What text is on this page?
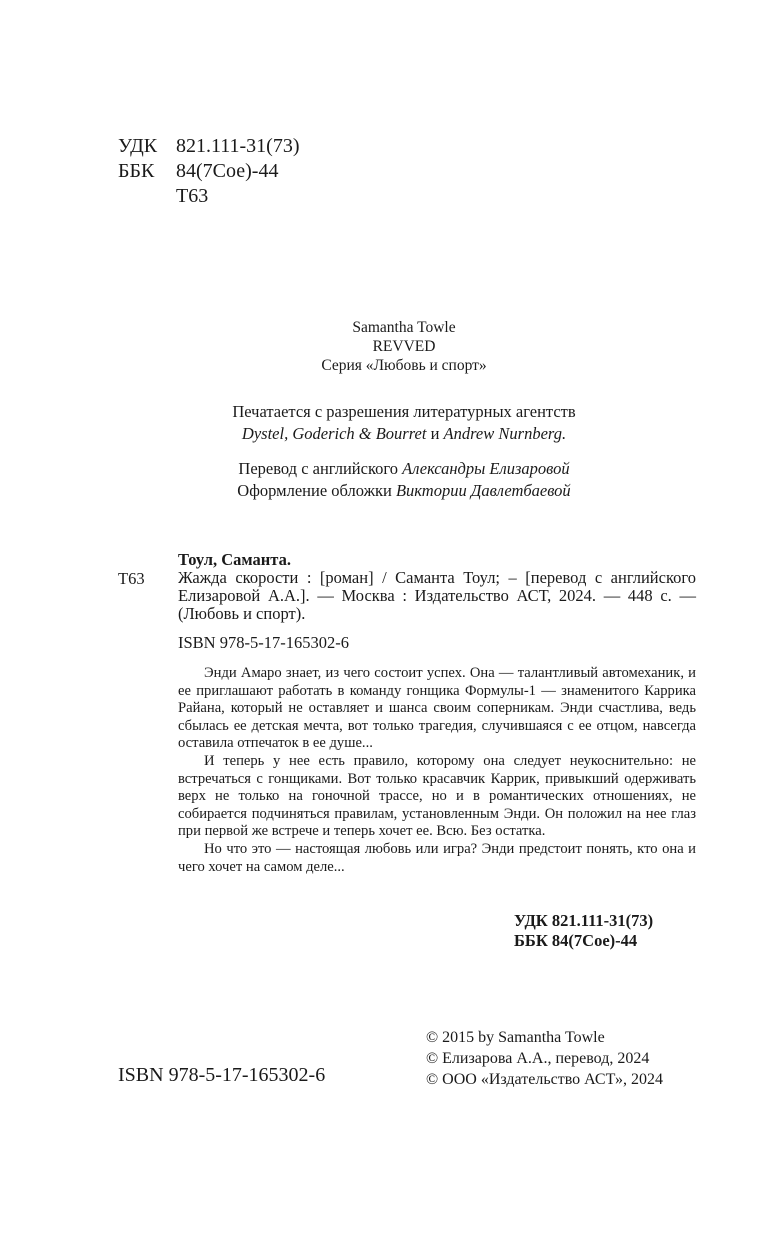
УДК 821.111-31(73)
ББК	84(7Сое)-44
Т63
Samantha Towle
REVVED
Серия «Любовь и спорт»
Печатается с разрешения литературных агентств
Dystel, Goderich & Bourret и Andrew Nurnberg.
Перевод с английского Александры Елизаровой
Оформление обложки Виктории Давлетбаевой
Т63
Тоул, Саманта.
Жажда скорости : [роман] / Саманта Тоул; – [перевод с английского Елизаровой А.А.]. — Москва : Издательство АСТ, 2024. — 448 с. — (Любовь и спорт).
ISBN 978-5-17-165302-6

Энди Амаро знает, из чего состоит успех. Она — талантливый автомеханик, и ее приглашают работать в команду гонщика Формулы-1 — знаменитого Каррика Райана, который не оставляет и шанса своим соперникам. Энди счастлива, ведь сбылась ее детская мечта, вот только трагедия, случившаяся с ее отцом, навсегда оставила отпечаток в ее душе...

И теперь у нее есть правило, которому она следует неукоснительно: не встречаться с гонщиками. Вот только красавчик Каррик, привыкший одерживать верх не только на гоночной трассе, но и в романтических отношениях, не собирается подчиняться правилам, установленным Энди. Он положил на нее глаз при первой же встрече и теперь хочет ее. Всю. Без остатка.

Но что это — настоящая любовь или игра? Энди предстоит понять, кто она и чего хочет на самом деле...

УДК 821.111-31(73)
ББК 84(7Сое)-44
© 2015 by Samantha Towle
© Елизарова А.А., перевод, 2024
© ООО «Издательство АСТ», 2024
ISBN 978-5-17-165302-6
